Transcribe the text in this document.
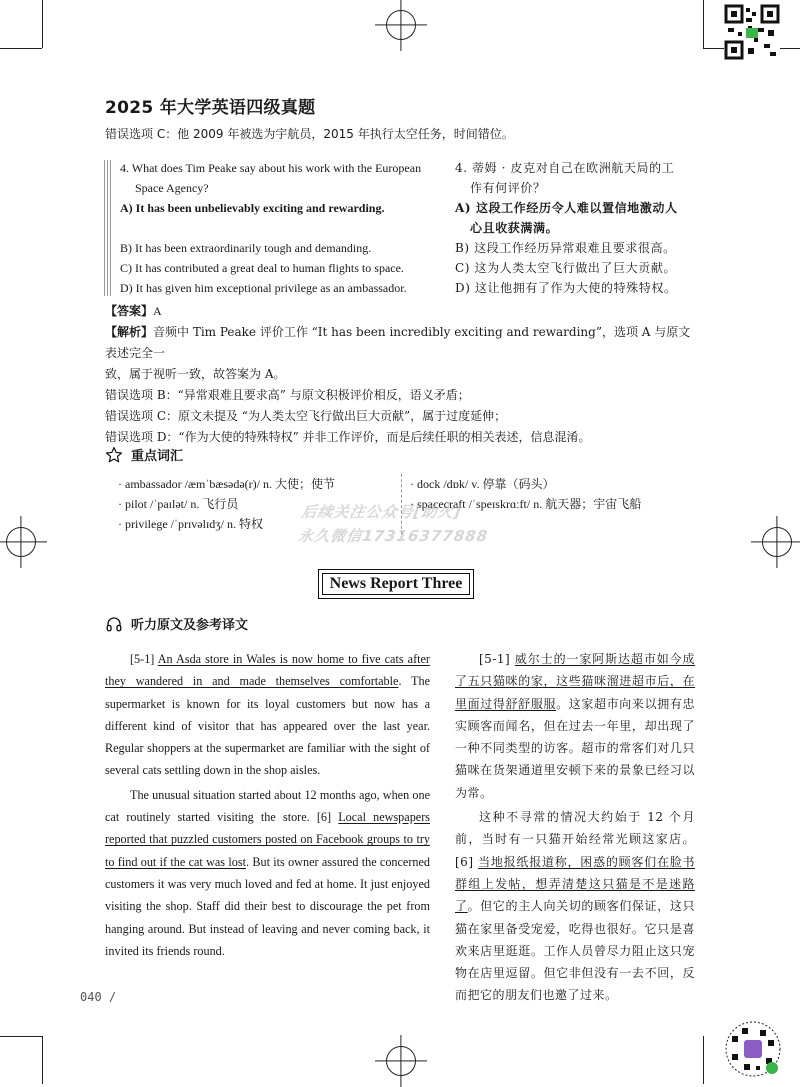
2025 年大学英语四级真题
错误选项 C：他 2009 年被选为宇航员，2015 年执行太空任务，时间错位。
4. What does Tim Peake say about his work with the European
Space Agency?
A) It has been unbelievably exciting and rewarding.
B) It has been extraordinarily tough and demanding.
C) It has contributed a great deal to human flights to space.
D) It has given him exceptional privilege as an ambassador.
4. 蒂姆 · 皮克对自己在欧洲航天局的工
作有何评价？
A) 这段工作经历令人难以置信地激动人
心且收获满满。
B) 这段工作经历异常艰难且要求很高。
C) 这为人类太空飞行做出了巨大贡献。
D) 这让他拥有了作为大使的特殊特权。
【答案】A
【解析】音频中 Tim Peake 评价工作 “It has been incredibly exciting and rewarding”，选项 A 与原文表述完全一
致，属于视听一致，故答案为 A。
错误选项 B：“异常艰难且要求高” 与原文积极评价相反，语义矛盾；
错误选项 C：原文未提及 “为人类太空飞行做出巨大贡献”，属于过度延伸；
错误选项 D：“作为大使的特殊特权” 并非工作评价，而是后续任职的相关表述，信息混淆。
重点词汇
· ambassador /æmˈbæsədə(r)/ n. 大使；使节
· pilot /ˈpaɪlət/ n. 飞行员
· privilege /ˈprɪvəlɪdʒ/ n. 特权
· dock /dɒk/ v. 停靠（码头）
· spacecraft /ˈspeɪskrɑːft/ n. 航天器；宇宙飞船
后续关注公众号[助火]
永久微信17316377888
News Report Three
听力原文及参考译文

[5-1] An Asda store in Wales is now home to five cats after they wandered in and made themselves comfortable. The supermarket is known for its loyal customers but now has a different kind of visitor that has appeared over the last year. Regular shoppers at the supermarket are familiar with the sight of several cats settling down in the shop aisles.

The unusual situation started about 12 months ago, when one cat routinely started visiting the store. [6] Local newspapers reported that puzzled customers posted on Facebook groups to try to find out if the cat was lost. But its owner assured the concerned customers it was very much loved and fed at home. It just enjoyed visiting the shop. Staff did their best to discourage the pet from hanging around. But instead of leaving and never coming back, it invited its friends round.

[5-1] 威尔士的一家阿斯达超市如今成了五只猫咪的家，这些猫咪溜进超市后，在里面过得舒舒服服。这家超市向来以拥有忠实顾客而闻名，但在过去一年里，却出现了一种不同类型的访客。超市的常客们对几只猫咪在货架通道里安顿下来的景象已经习以为常。

这种不寻常的情况大约始于 12 个月前，当时有一只猫开始经常光顾这家店。[6] 当地报纸报道称，困惑的顾客们在脸书群组上发帖，想弄清楚这只猫是不是迷路了。但它的主人向关切的顾客们保证，这只猫在家里备受宠爱，吃得也很好。它只是喜欢来店里逛逛。工作人员曾尽力阻止这只宠物在店里逗留。但它非但没有一去不回，反而把它的朋友们也邀了过来。

040 /
